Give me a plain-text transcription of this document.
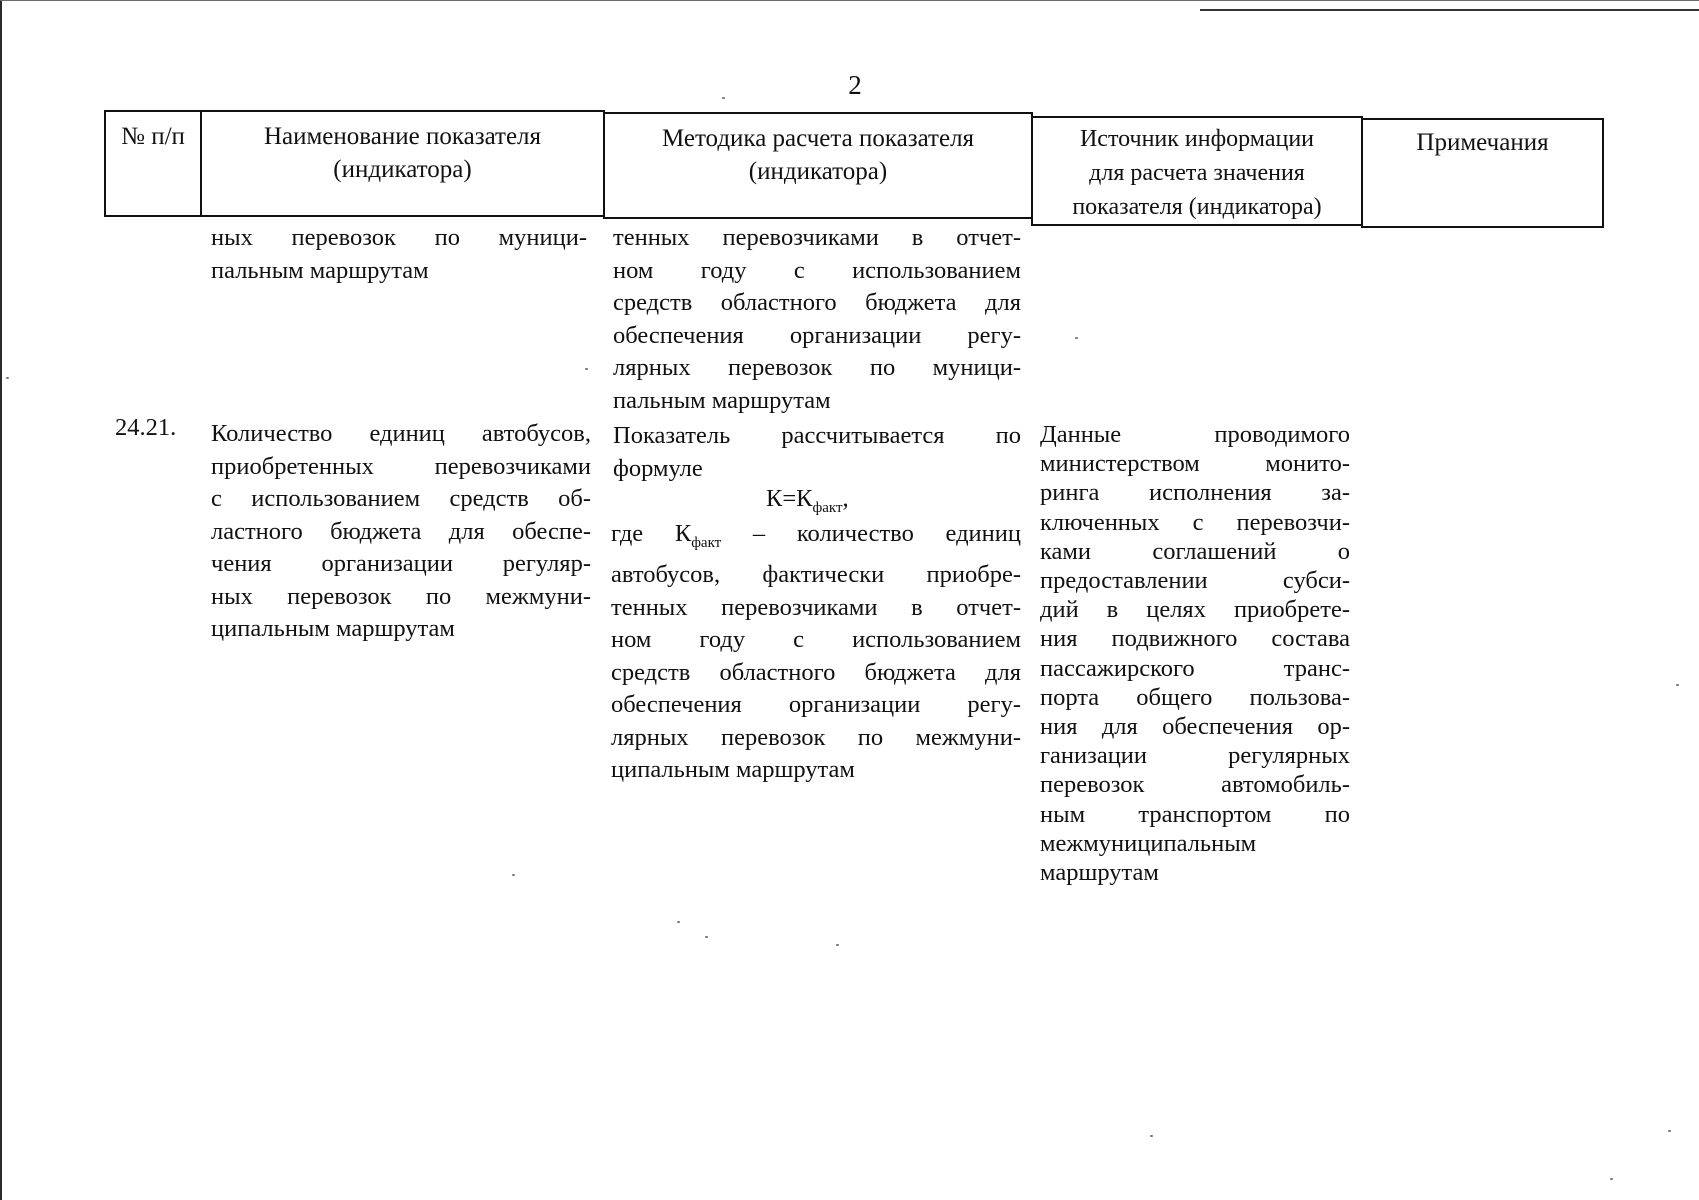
2
№ п/п	Наименование показателя
(индикатора)
Методика расчета показателя
(индикатора)
Источник информации
для расчета значения
показателя (индикатора)
Примечания
ных перевозок по муници-
пальным маршрутам
тенных перевозчиками в отчет-
ном году с использованием
средств областного бюджета для
обеспечения организации регу-
лярных перевозок по муници-
пальным маршрутам
24.21. Количество единиц автобусов,
приобретенных перевозчиками
с использованием средств об-
ластного бюджета для обеспе-
чения организации регуляр-
ных перевозок по межмуни-
ципальным маршрутам
Показатель рассчитывается по
формуле
$К=К_{факт}$,
где $К_{факт}$ – количество единиц
автобусов, фактически приобре-
тенных перевозчиками в отчет-
ном году с использованием
средств областного бюджета для
обеспечения организации регу-
лярных перевозок по межмуни-
ципальным маршрутам
Данные проводимого
министерством монито-
ринга исполнения за-
ключенных с перевозчи-
ками соглашений о
предоставлении субси-
дий в целях приобрете-
ния подвижного состава
пассажирского транс-
порта общего пользова-
ния для обеспечения ор-
ганизации регулярных
перевозок автомобиль-
ным транспортом по
межмуниципальным
маршрутам
